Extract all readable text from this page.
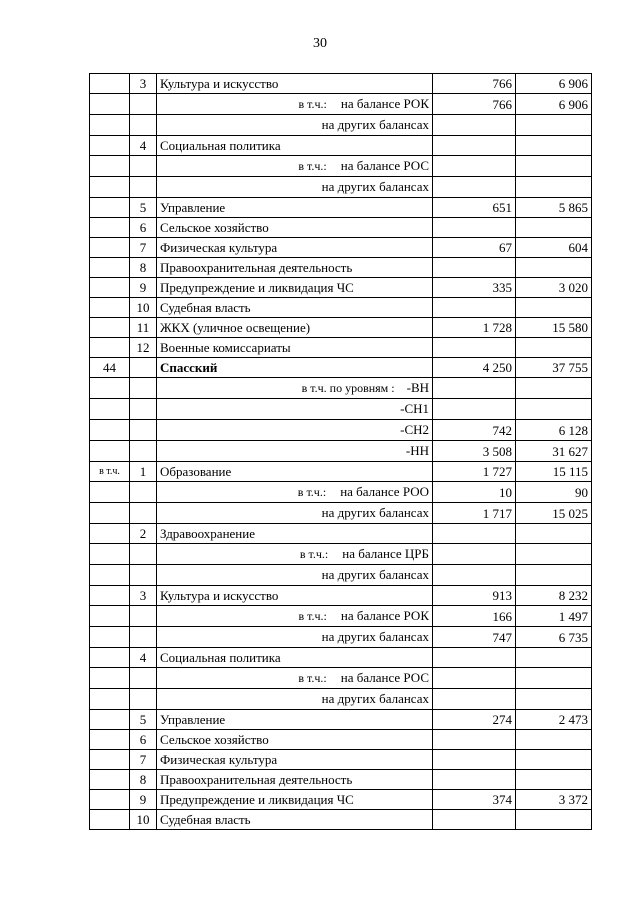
30
	3	Культура и искусство	766	6 906
		в т.ч.: на балансе РОК	766	6 906
		на других балансах		
	4	Социальная политика		
		в т.ч.: на балансе РОС		
		на других балансах		
	5	Управление	651	5 865
	6	Сельское хозяйство		
	7	Физическая культура	67	604
	8	Правоохранительная деятельность		
	9	Предупреждение и ликвидация ЧС	335	3 020
	10	Судебная власть		
	11	ЖКХ (уличное освещение)	1 728	15 580
	12	Военные комиссариаты		
44		Спасский	4 250	37 755
		в т.ч. по уровням : -ВН		
		-СН1		
		-СН2	742	6 128
		-НН	3 508	31 627
в т.ч.	1	Образование	1 727	15 115
		в т.ч.: на балансе РОО	10	90
		на других балансах	1 717	15 025
	2	Здравоохранение		
		в т.ч.: на балансе ЦРБ		
		на других балансах		
	3	Культура и искусство	913	8 232
		в т.ч.: на балансе РОК	166	1 497
		на других балансах	747	6 735
	4	Социальная политика		
		в т.ч.: на балансе РОС		
		на других балансах		
	5	Управление	274	2 473
	6	Сельское хозяйство		
	7	Физическая культура		
	8	Правоохранительная деятельность		
	9	Предупреждение и ликвидация ЧС	374	3 372
	10	Судебная власть		
